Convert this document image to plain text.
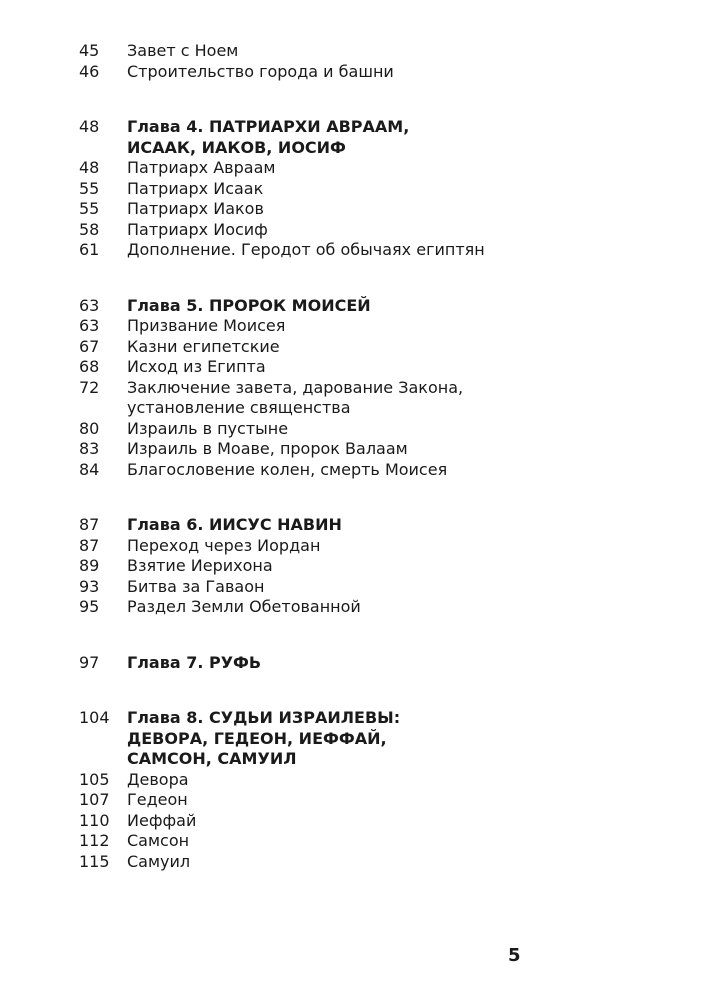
45	Завет с Ноем
46	Строительство города и башни
48	Глава 4. ПАТРИАРХИ АВРААМ,
ИСААК, ИАКОВ, ИОСИФ
48	Патриарх Авраам
55	Патриарх Исаак
55	Патриарх Иаков
58	Патриарх Иосиф
61	Дополнение. Геродот об обычаях египтян
63	Глава 5. ПРОРОК МОИСЕЙ
63	Призвание Моисея
67	Казни египетские
68	Исход из Египта
72	Заключение завета, дарование Закона,
установление священства
80	Израиль в пустыне
83	Израиль в Моаве, пророк Валаам
84	Благословение колен, смерть Моисея
87	Глава 6. ИИСУС НАВИН
87	Переход через Иордан
89	Взятие Иерихона
93	Битва за Гаваон
95	Раздел Земли Обетованной
97	Глава 7. РУФЬ
104	Глава 8. СУДЬИ ИЗРАИЛЕВЫ:
ДЕВОРА, ГЕДЕОН, ИЕФФАЙ,
САМСОН, САМУИЛ
105	Девора
107	Гедеон
110	Иеффай
112	Самсон
115	Самуил
5
